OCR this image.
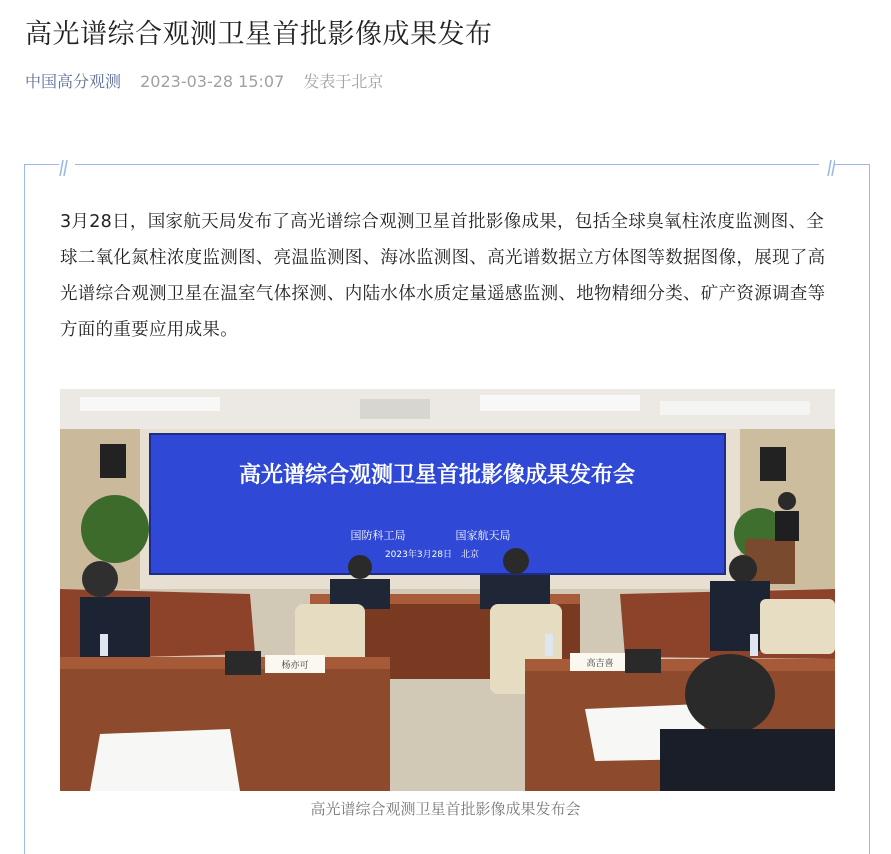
高光谱综合观测卫星首批影像成果发布
中国高分观测 2023-03-28 15:07 发表于北京
3月28日，国家航天局发布了高光谱综合观测卫星首批影像成果，包括全球臭氧柱浓度监测图、全球二氧化氮柱浓度监测图、亮温监测图、海冰监测图、高光谱数据立方体图等数据图像，展现了高光谱综合观测卫星在温室气体探测、内陆水体水质定量遥感监测、地物精细分类、矿产资源调查等方面的重要应用成果。
高光谱综合观测卫星首批影像成果发布会
国防科工局	国家航天局
2023年3月28日　北京
杨亦可	高吉喜
高光谱综合观测卫星首批影像成果发布会
